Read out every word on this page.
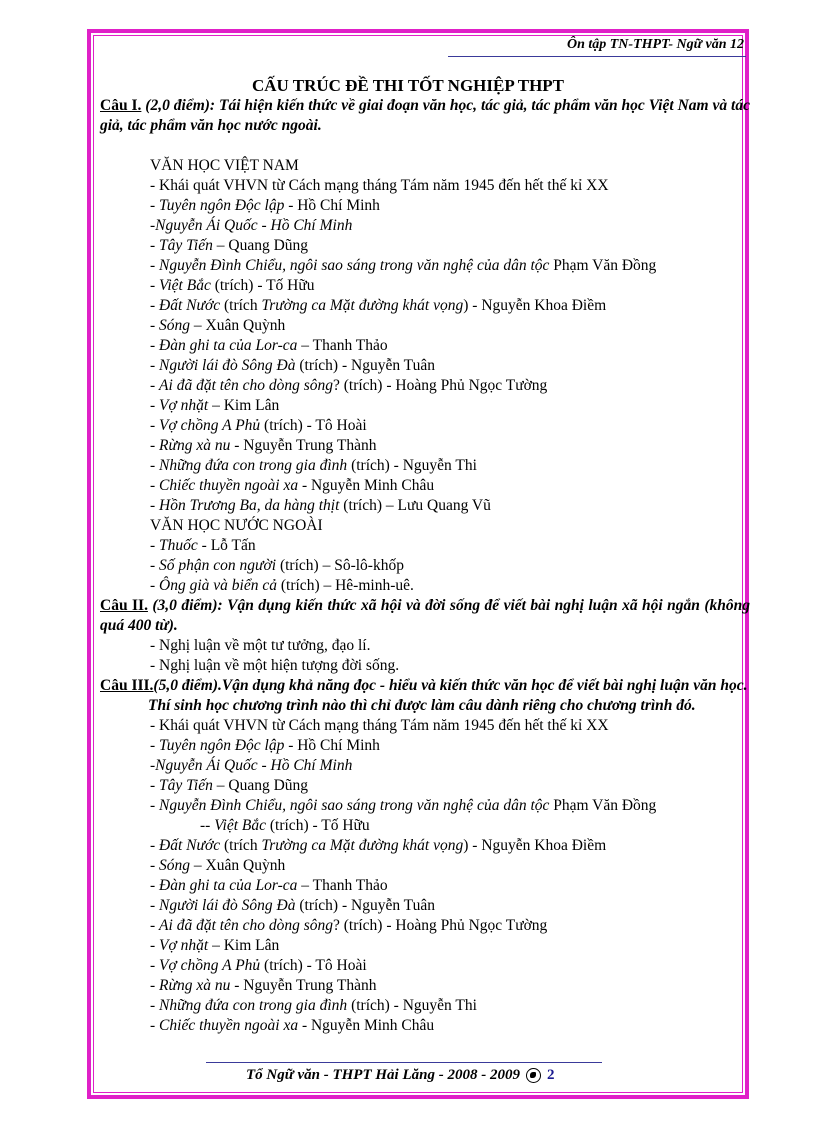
Ôn tập TN-THPT- Ngữ văn 12
CẤU TRÚC ĐỀ THI TỐT NGHIỆP THPT
Câu I. (2,0 điểm): Tái hiện kiến thức về giai đoạn văn học, tác giả, tác phẩm văn học Việt Nam và tác giả, tác phẩm văn học nước ngoài.
VĂN HỌC VIỆT NAM
- Khái quát VHVN từ Cách mạng tháng Tám năm 1945 đến hết thế kỉ XX
- Tuyên ngôn Độc lập - Hồ Chí Minh
-Nguyễn Ái Quốc - Hồ Chí Minh
- Tây Tiến – Quang Dũng
- Nguyễn Đình Chiểu, ngôi sao sáng trong văn nghệ của dân tộc Phạm Văn Đồng
- Việt Bắc (trích) - Tố Hữu
- Đất Nước (trích Trường ca Mặt đường khát vọng) - Nguyễn Khoa Điềm
- Sóng – Xuân Quỳnh
- Đàn ghi ta của Lor-ca – Thanh Thảo
- Người lái đò Sông Đà (trích) - Nguyễn Tuân
- Ai đã đặt tên cho dòng sông? (trích) - Hoàng Phủ Ngọc Tường
- Vợ nhặt – Kim Lân
- Vợ chồng A Phủ (trích) - Tô Hoài
- Rừng xà nu - Nguyễn Trung Thành
- Những đứa con trong gia đình (trích) - Nguyễn Thi
- Chiếc thuyền ngoài xa - Nguyễn Minh Châu
- Hồn Trương Ba, da hàng thịt (trích) – Lưu Quang Vũ
VĂN HỌC NƯỚC NGOÀI
- Thuốc - Lỗ Tấn
- Số phận con người (trích) – Sô-lô-khốp
- Ông già và biển cả (trích) – Hê-minh-uê.
Câu II. (3,0 điểm): Vận dụng kiến thức xã hội và đời sống để viết bài nghị luận xã hội ngắn (không quá 400 từ).
- Nghị luận về một tư tưởng, đạo lí.
- Nghị luận về một hiện tượng đời sống.
Câu III.(5,0 điểm).Vận dụng khả năng đọc - hiểu và kiến thức văn học để viết bài nghị luận văn học.
Thí sinh học chương trình nào thì chỉ được làm câu dành riêng cho chương trình đó.
- Khái quát VHVN từ Cách mạng tháng Tám năm 1945 đến hết thế kỉ XX
- Tuyên ngôn Độc lập - Hồ Chí Minh
-Nguyễn Ái Quốc - Hồ Chí Minh
- Tây Tiến – Quang Dũng
- Nguyễn Đình Chiểu, ngôi sao sáng trong văn nghệ của dân tộc Phạm Văn Đồng
-- Việt Bắc (trích) - Tố Hữu
- Đất Nước (trích Trường ca Mặt đường khát vọng) - Nguyễn Khoa Điềm
- Sóng – Xuân Quỳnh
- Đàn ghi ta của Lor-ca – Thanh Thảo
- Người lái đò Sông Đà (trích) - Nguyễn Tuân
- Ai đã đặt tên cho dòng sông? (trích) - Hoàng Phủ Ngọc Tường
- Vợ nhặt – Kim Lân
- Vợ chồng A Phủ (trích) - Tô Hoài
- Rừng xà nu - Nguyễn Trung Thành
- Những đứa con trong gia đình (trích) - Nguyễn Thi
- Chiếc thuyền ngoài xa - Nguyễn Minh Châu
Tổ Ngữ văn - THPT Hải Lăng - 2008 - 2009 2
